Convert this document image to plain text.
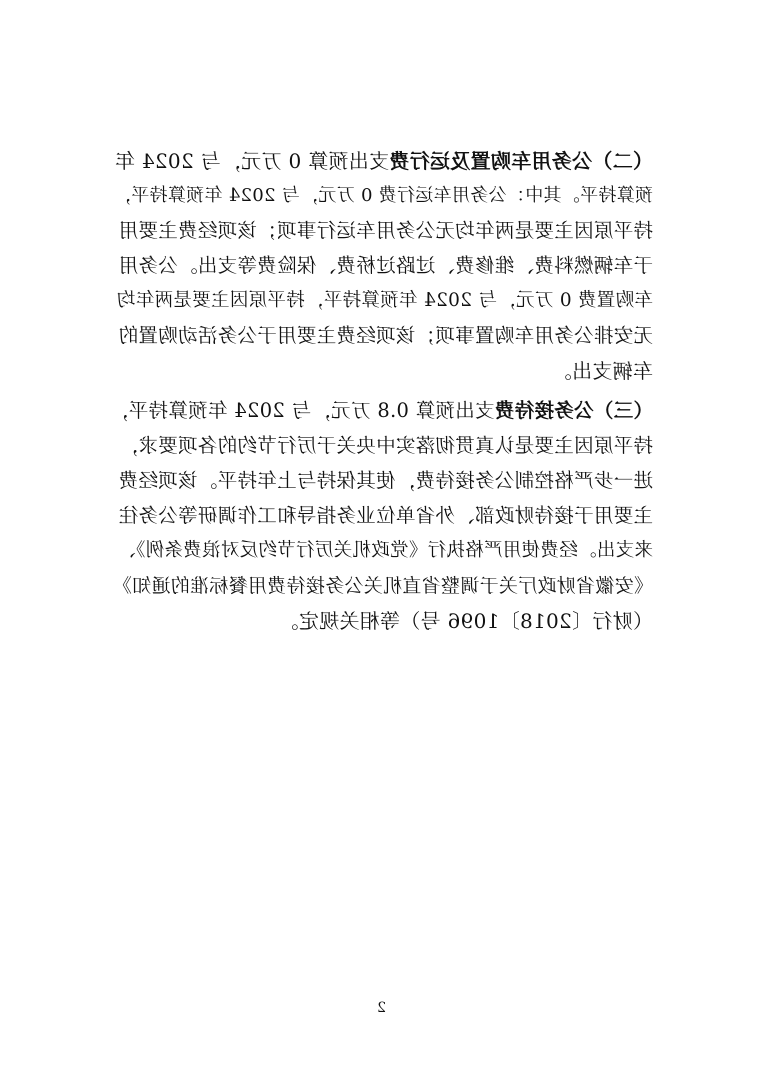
（二）公务用车购置及运行费支出预算 0 万元，与 2024 年
预算持平。其中：公务用车运行费 0 万元，与 2024 年预算持平，
持平原因主要是两年均无公务用车运行事项；该项经费主要用
于车辆燃料费、维修费、过路过桥费、保险费等支出。公务用
车购置费 0 万元，与 2024 年预算持平，持平原因主要是两年均
无安排公务用车购置事项；该项经费主要用于公务活动购置的
车辆支出。
（三）公务接待费支出预算 0.8 万元，与 2024 年预算持平，
持平原因主要是认真贯彻落实中央关于厉行节约的各项要求，
进一步严格控制公务接待费，使其保持与上年持平。该项经费
主要用于接待财政部、外省单位业务指导和工作调研等公务往
来支出。经费使用严格执行《党政机关厉行节约反对浪费条例》、
《安徽省财政厅关于调整省直机关公务接待费用餐标准的通知》
（财行〔2018〕1096 号）等相关规定。
2
